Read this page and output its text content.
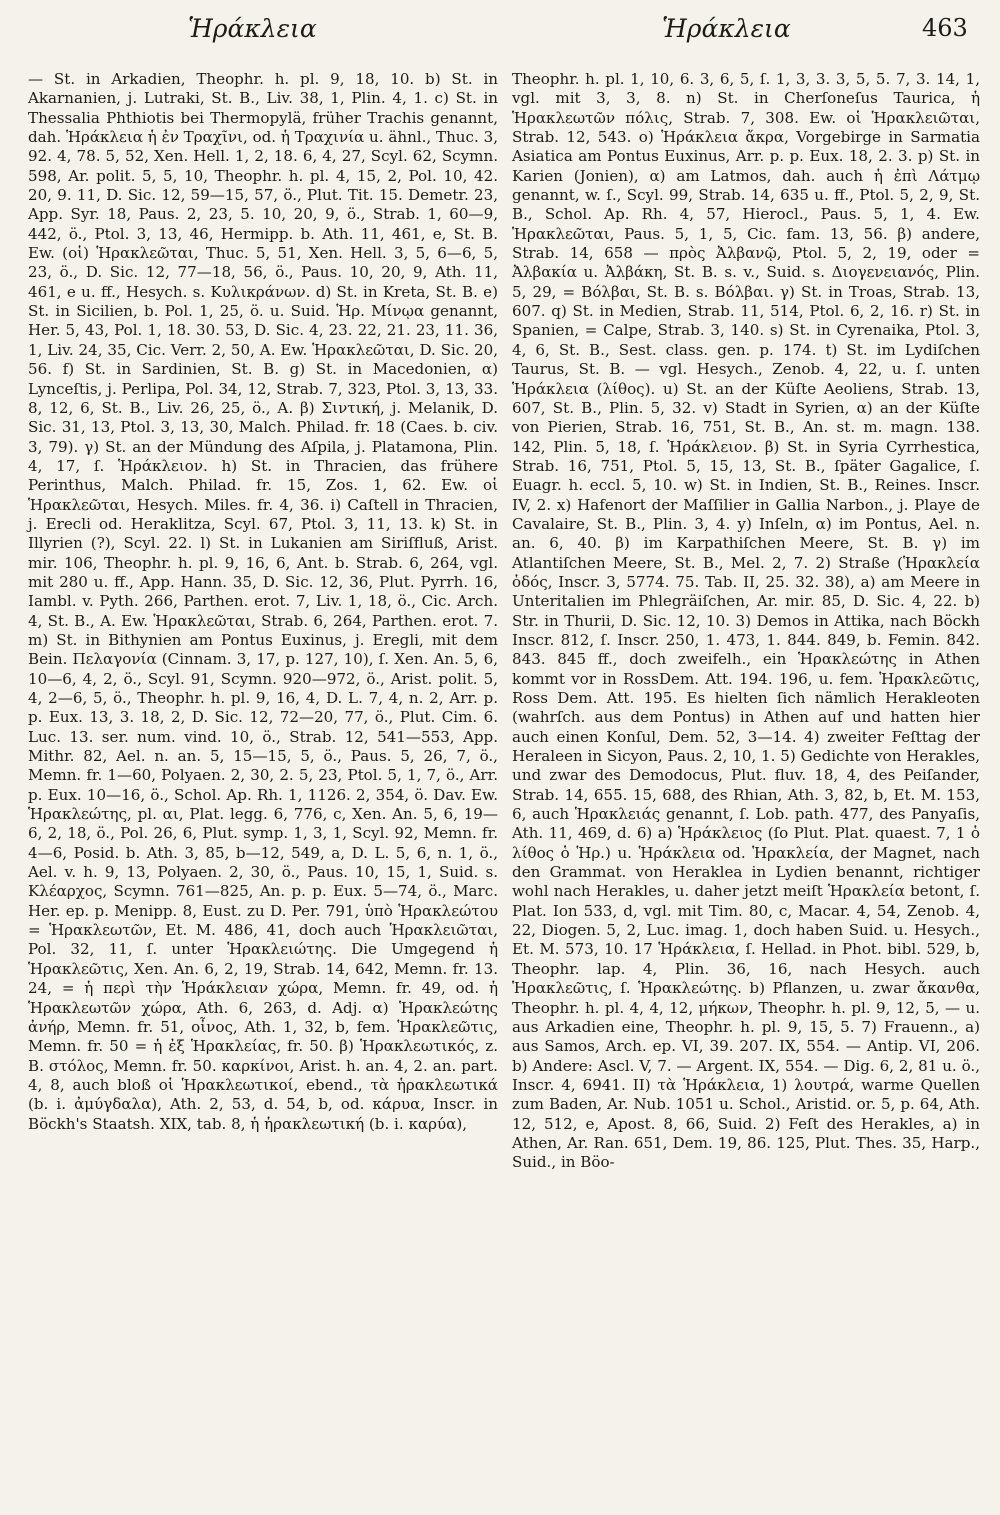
Ἡράκλεια	Ἡράκλεια	463

— St. in Arkadien, Theophr. h. pl. 9, 18, 10. b) St. in Akarnanien, j. Lutraki, St. B., Liv. 38, 1, Plin. 4, 1. c) St. in Thessalia Phthiotis bei Thermopylä, früher Trachis genannt, dah. Ἡράκλεια ἡ ἐν Τραχῖνι, od. ἡ Τραχινία u. ähnl., Thuc. 3, 92. 4, 78. 5, 52, Xen. Hell. 1, 2, 18. 6, 4, 27, Scyl. 62, Scymn. 598, Ar. polit. 5, 5, 10, Theophr. h. pl. 4, 15, 2, Pol. 10, 42. 20, 9. 11, D. Sic. 12, 59—15, 57, ö., Plut. Tit. 15. Demetr. 23, App. Syr. 18, Paus. 2, 23, 5. 10, 20, 9, ö., Strab. 1, 60—9, 442, ö., Ptol. 3, 13, 46, Hermipp. b. Ath. 11, 461, e, St. B. Ew. (οἱ) Ἡρακλεῶται, Thuc. 5, 51, Xen. Hell. 3, 5, 6—6, 5, 23, ö., D. Sic. 12, 77—18, 56, ö., Paus. 10, 20, 9, Ath. 11, 461, e u. ff., Hesych. s. Κυλικράνων. d) St. in Kreta, St. B. e) St. in Sicilien, b. Pol. 1, 25, ö. u. Suid. Ἡρ. Μίνῳα genannt, Her. 5, 43, Pol. 1, 18. 30. 53, D. Sic. 4, 23. 22, 21. 23, 11. 36, 1, Liv. 24, 35, Cic. Verr. 2, 50, A. Ew. Ἡρακλεῶται, D. Sic. 20, 56. f) St. in Sardinien, St. B. g) St. in Macedonien, α) Lynceſtis, j. Perlipa, Pol. 34, 12, Strab. 7, 323, Ptol. 3, 13, 33. 8, 12, 6, St. B., Liv. 26, 25, ö., A. β) Σιντική, j. Melanik, D. Sic. 31, 13, Ptol. 3, 13, 30, Malch. Philad. fr. 18 (Caes. b. civ. 3, 79). γ) St. an der Mündung des Aſpila, j. Platamona, Plin. 4, 17, ſ. Ἡράκλειον. h) St. in Thracien, das frühere Perinthus, Malch. Philad. fr. 15, Zos. 1, 62. Ew. οἱ Ἡρακλεῶται, Hesych. Miles. fr. 4, 36. i) Caſtell in Thracien, j. Erecli od. Heraklitza, Scyl. 67, Ptol. 3, 11, 13. k) St. in Illyrien (?), Scyl. 22. l) St. in Lukanien am Siriſfluß, Arist. mir. 106, Theophr. h. pl. 9, 16, 6, Ant. b. Strab. 6, 264, vgl. mit 280 u. ff., App. Hann. 35, D. Sic. 12, 36, Plut. Pyrrh. 16, Iambl. v. Pyth. 266, Parthen. erot. 7, Liv. 1, 18, ö., Cic. Arch. 4, St. B., A. Ew. Ἡρακλεῶται, Strab. 6, 264, Parthen. erot. 7. m) St. in Bithynien am Pontus Euxinus, j. Eregli, mit dem Bein. Πελαγονία (Cinnam. 3, 17, p. 127, 10), ſ. Xen. An. 5, 6, 10—6, 4, 2, ö., Scyl. 91, Scymn. 920—972, ö., Arist. polit. 5, 4, 2—6, 5, ö., Theophr. h. pl. 9, 16, 4, D. L. 7, 4, n. 2, Arr. p. p. Eux. 13, 3. 18, 2, D. Sic. 12, 72—20, 77, ö., Plut. Cim. 6. Luc. 13. ser. num. vind. 10, ö., Strab. 12, 541—553, App. Mithr. 82, Ael. n. an. 5, 15—15, 5, ö., Paus. 5, 26, 7, ö., Memn. fr. 1—60, Polyaen. 2, 30, 2. 5, 23, Ptol. 5, 1, 7, ö., Arr. p. Eux. 10—16, ö., Schol. Ap. Rh. 1, 1126. 2, 354, ö. Dav. Ew. Ἡρακλεώτης, pl. αι, Plat. legg. 6, 776, c, Xen. An. 5, 6, 19—6, 2, 18, ö., Pol. 26, 6, Plut. symp. 1, 3, 1, Scyl. 92, Memn. fr. 4—6, Posid. b. Ath. 3, 85, b—12, 549, a, D. L. 5, 6, n. 1, ö., Ael. v. h. 9, 13, Polyaen. 2, 30, ö., Paus. 10, 15, 1, Suid. s. Κλέαρχος, Scymn. 761—825, An. p. p. Eux. 5—74, ö., Marc. Her. ep. p. Menipp. 8, Eust. zu D. Per. 791, ὑπὸ Ἡρακλεώτου = Ἡρακλεωτῶν, Et. M. 486, 41, doch auch Ἡρακλειῶται, Pol. 32, 11, ſ. unter Ἡρακλειώτης. Die Umgegend ἡ Ἡρακλεῶτις, Xen. An. 6, 2, 19, Strab. 14, 642, Memn. fr. 13. 24, = ἡ περὶ τὴν Ἡράκλειαν χώρα, Memn. fr. 49, od. ἡ Ἡρακλεωτῶν χώρα, Ath. 6, 263, d. Adj. α) Ἡρακλεώτης ἀνήρ, Memn. fr. 51, οἶνος, Ath. 1, 32, b, fem. Ἡρακλεῶτις, Memn. fr. 50 = ἡ ἐξ Ἡρακλείας, fr. 50. β) Ἡρακλεωτικός, z. B. στόλος, Memn. fr. 50. καρκίνοι, Arist. h. an. 4, 2. an. part. 4, 8, auch bloß οἱ Ἡρακλεωτικοί, ebend., τὰ ἡρακλεωτικά (b. i. ἀμύγδαλα), Ath. 2, 53, d. 54, b, od. κάρυα, Inscr. in Böckh's Staatsh. XIX, tab. 8, ἡ ἡρακλεωτική (b. i. καρύα),

Theophr. h. pl. 1, 10, 6. 3, 6, 5, ſ. 1, 3, 3. 3, 5, 5. 7, 3. 14, 1, vgl. mit 3, 3, 8. n) St. in Cherſoneſus Taurica, ἡ Ἡρακλεωτῶν πόλις, Strab. 7, 308. Ew. οἱ Ἡρακλειῶται, Strab. 12, 543. o) Ἡράκλεια ἄκρα, Vorgebirge in Sarmatia Asiatica am Pontus Euxinus, Arr. p. p. Eux. 18, 2. 3. p) St. in Karien (Jonien), α) am Latmos, dah. auch ἡ ἐπὶ Λάτμῳ genannt, w. ſ., Scyl. 99, Strab. 14, 635 u. ff., Ptol. 5, 2, 9, St. B., Schol. Ap. Rh. 4, 57, Hierocl., Paus. 5, 1, 4. Ew. Ἡρακλεῶται, Paus. 5, 1, 5, Cic. fam. 13, 56. β) andere, Strab. 14, 658 — πρὸς Ἀλβανῷ, Ptol. 5, 2, 19, oder = Ἀλβακία u. Ἀλβάκη, St. B. s. v., Suid. s. Διογενειανός, Plin. 5, 29, = Βόλβαι, St. B. s. Βόλβαι. γ) St. in Troas, Strab. 13, 607. q) St. in Medien, Strab. 11, 514, Ptol. 6, 2, 16. r) St. in Spanien, = Calpe, Strab. 3, 140. s) St. in Cyrenaika, Ptol. 3, 4, 6, St. B., Sest. class. gen. p. 174. t) St. im Lydiſchen Taurus, St. B. — vgl. Hesych., Zenob. 4, 22, u. ſ. unten Ἡράκλεια (λίθος). u) St. an der Küſte Aeoliens, Strab. 13, 607, St. B., Plin. 5, 32. v) Stadt in Syrien, α) an der Küſte von Pierien, Strab. 16, 751, St. B., An. st. m. magn. 138. 142, Plin. 5, 18, ſ. Ἡράκλειον. β) St. in Syria Cyrrhestica, Strab. 16, 751, Ptol. 5, 15, 13, St. B., ſpäter Gagalice, ſ. Euagr. h. eccl. 5, 10. w) St. in Indien, St. B., Reines. Inscr. IV, 2. x) Hafenort der Maſſilier in Gallia Narbon., j. Playe de Cavalaire, St. B., Plin. 3, 4. y) Inſeln, α) im Pontus, Ael. n. an. 6, 40. β) im Karpathiſchen Meere, St. B. γ) im Atlantiſchen Meere, St. B., Mel. 2, 7. 2) Straße (Ἡρακλεία ὁδός, Inscr. 3, 5774. 75. Tab. II, 25. 32. 38), a) am Meere in Unteritalien im Phlegräiſchen, Ar. mir. 85, D. Sic. 4, 22. b) Str. in Thurii, D. Sic. 12, 10. 3) Demos in Attika, nach Böckh Inscr. 812, ſ. Inscr. 250, 1. 473, 1. 844. 849, b. Femin. 842. 843. 845 ff., doch zweifelh., ein Ἡρακλεώτης in Athen kommt vor in RossDem. Att. 194. 196, u. fem. Ἡρακλεῶτις, Ross Dem. Att. 195. Es hielten ſich nämlich Herakleoten (wahrſch. aus dem Pontus) in Athen auf und hatten hier auch einen Konſul, Dem. 52, 3—14. 4) zweiter Feſttag der Heraleen in Sicyon, Paus. 2, 10, 1. 5) Gedichte von Herakles, und zwar des Demodocus, Plut. fluv. 18, 4, des Peiſander, Strab. 14, 655. 15, 688, des Rhian, Ath. 3, 82, b, Et. M. 153, 6, auch Ἡρακλειάς genannt, ſ. Lob. path. 477, des Panyaſis, Ath. 11, 469, d. 6) a) Ἡράκλειος (ſo Plut. Plat. quaest. 7, 1 ὁ λίθος ὁ Ἡρ.) u. Ἡράκλεια od. Ἡρακλεία, der Magnet, nach den Grammat. von Heraklea in Lydien benannt, richtiger wohl nach Herakles, u. daher jetzt meiſt Ἡρακλεία betont, ſ. Plat. Ion 533, d, vgl. mit Tim. 80, c, Macar. 4, 54, Zenob. 4, 22, Diogen. 5, 2, Luc. imag. 1, doch haben Suid. u. Hesych., Et. M. 573, 10. 17 Ἡράκλεια, ſ. Hellad. in Phot. bibl. 529, b, Theophr. lap. 4, Plin. 36, 16, nach Hesych. auch Ἡρακλεῶτις, ſ. Ἡρακλεώτης. b) Pflanzen, u. zwar ἄκανθα, Theophr. h. pl. 4, 4, 12, μήκων, Theophr. h. pl. 9, 12, 5, — u. aus Arkadien eine, Theophr. h. pl. 9, 15, 5. 7) Frauenn., a) aus Samos, Arch. ep. VI, 39. 207. IX, 554. — Antip. VI, 206. b) Andere: Ascl. V, 7. — Argent. IX, 554. — Dig. 6, 2, 81 u. ö., Inscr. 4, 6941. II) τὰ Ἡράκλεια, 1) λουτρά, warme Quellen zum Baden, Ar. Nub. 1051 u. Schol., Aristid. or. 5, p. 64, Ath. 12, 512, e, Apost. 8, 66, Suid. 2) Feſt des Herakles, a) in Athen, Ar. Ran. 651, Dem. 19, 86. 125, Plut. Thes. 35, Harp., Suid., in Böo-
